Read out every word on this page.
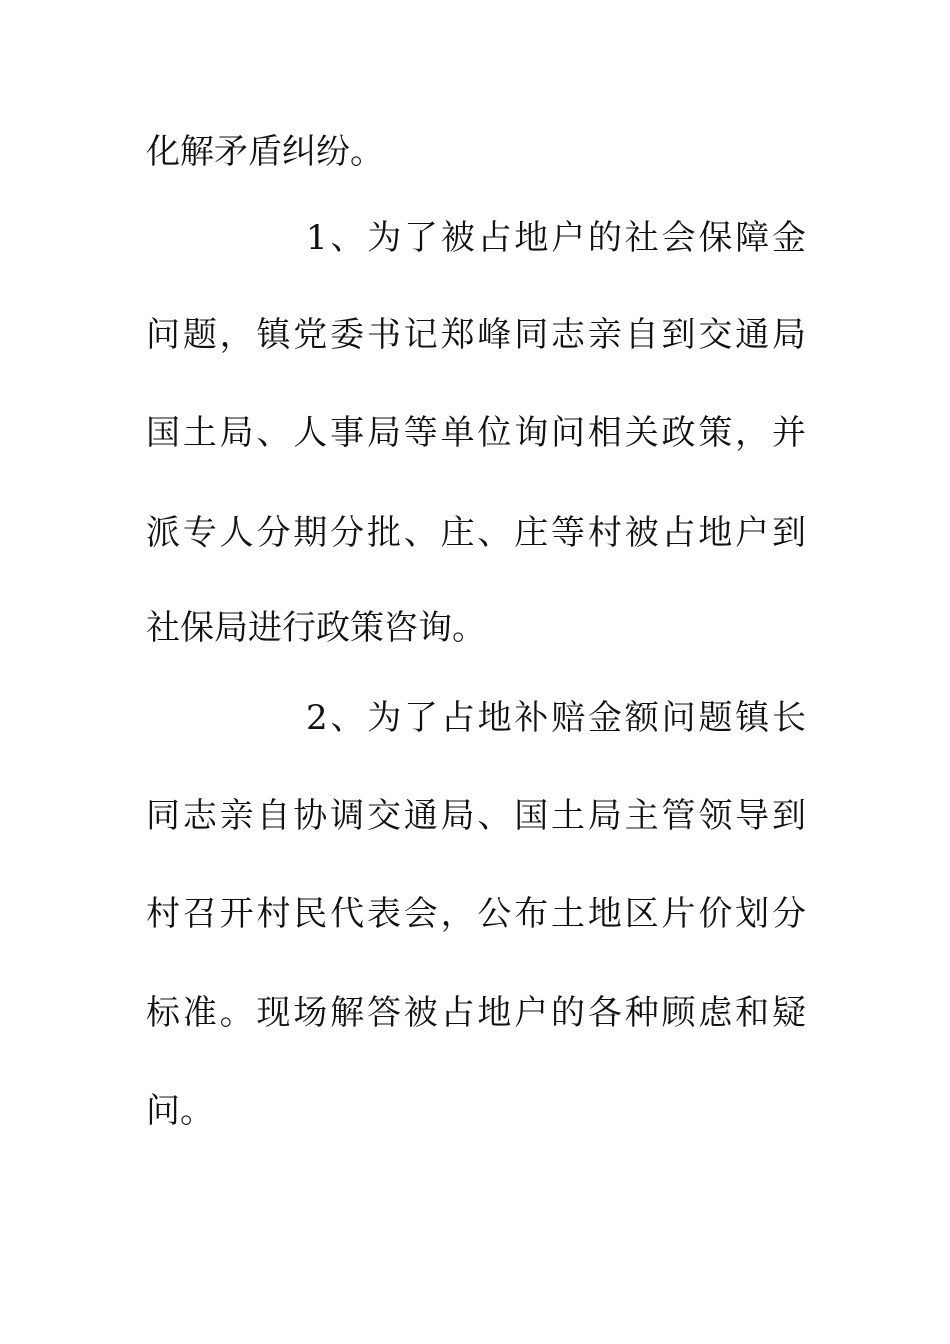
化解矛盾纠纷。
1、为了被占地户的社会保障金
问题，镇党委书记郑峰同志亲自到交通局
国土局、人事局等单位询问相关政策，并
派专人分期分批、庄、庄等村被占地户到
社保局进行政策咨询。
2、为了占地补赔金额问题镇长
同志亲自协调交通局、国土局主管领导到
村召开村民代表会，公布土地区片价划分
标准。现场解答被占地户的各种顾虑和疑
问。
